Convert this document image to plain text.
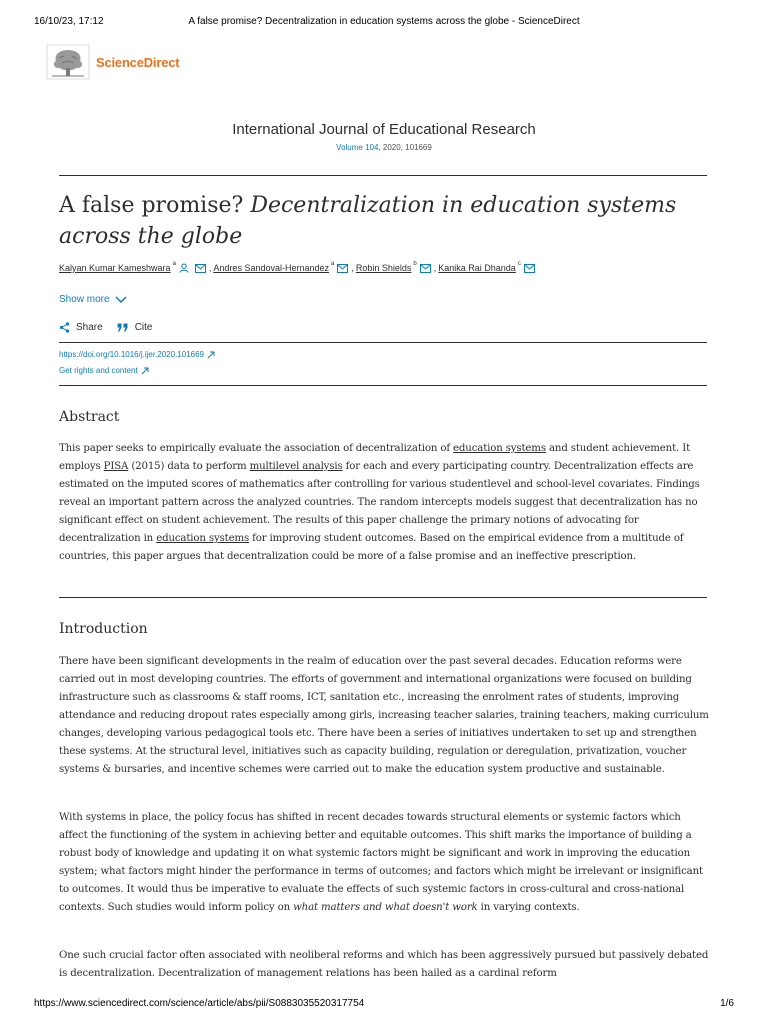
16/10/23, 17:12	A false promise? Decentralization in education systems across the globe - ScienceDirect
ScienceDirect
International Journal of Educational Research
Volume 104, 2020, 101669
A false promise? Decentralization in education systems across the globe
Kalyan Kumar Kameshwara $^a$	, Andres Sandoval-Hernandez $^a$ , Robin Shields $^b$ , Kanika Rai Dhanda $^c$
Show more
Share	Cite
https://doi.org/10.1016/j.ijer.2020.101669
Get rights and content
Abstract

This paper seeks to empirically evaluate the association of decentralization of education systems and student achievement. It employs PISA (2015) data to perform multilevel analysis for each and every participating country. Decentralization effects are estimated on the imputed scores of mathematics after controlling for various studentlevel and school-level covariates. Findings reveal an important pattern across the analyzed countries. The random intercepts models suggest that decentralization has no significant effect on student achievement. The results of this paper challenge the primary notions of advocating for decentralization in education systems for improving student outcomes. Based on the empirical evidence from a multitude of countries, this paper argues that decentralization could be more of a false promise and an ineffective prescription.

Introduction

There have been significant developments in the realm of education over the past several decades. Education reforms were carried out in most developing countries. The efforts of government and international organizations were focused on building infrastructure such as classrooms & staff rooms, ICT, sanitation etc., increasing the enrolment rates of students, improving attendance and reducing dropout rates especially among girls, increasing teacher salaries, training teachers, making curriculum changes, developing various pedagogical tools etc. There have been a series of initiatives undertaken to set up and strengthen these systems. At the structural level, initiatives such as capacity building, regulation or deregulation, privatization, voucher systems & bursaries, and incentive schemes were carried out to make the education system productive and sustainable.

With systems in place, the policy focus has shifted in recent decades towards structural elements or systemic factors which affect the functioning of the system in achieving better and equitable outcomes. This shift marks the importance of building a robust body of knowledge and updating it on what systemic factors might be significant and work in improving the education system; what factors might hinder the performance in terms of outcomes; and factors which might be irrelevant or insignificant to outcomes. It would thus be imperative to evaluate the effects of such systemic factors in cross-cultural and cross-national contexts. Such studies would inform policy on what matters and what doesn't work in varying contexts.

One such crucial factor often associated with neoliberal reforms and which has been aggressively pursued but passively debated is decentralization. Decentralization of management relations has been hailed as a cardinal reform

https://www.sciencedirect.com/science/article/abs/pii/S0883035520317754	1/6
